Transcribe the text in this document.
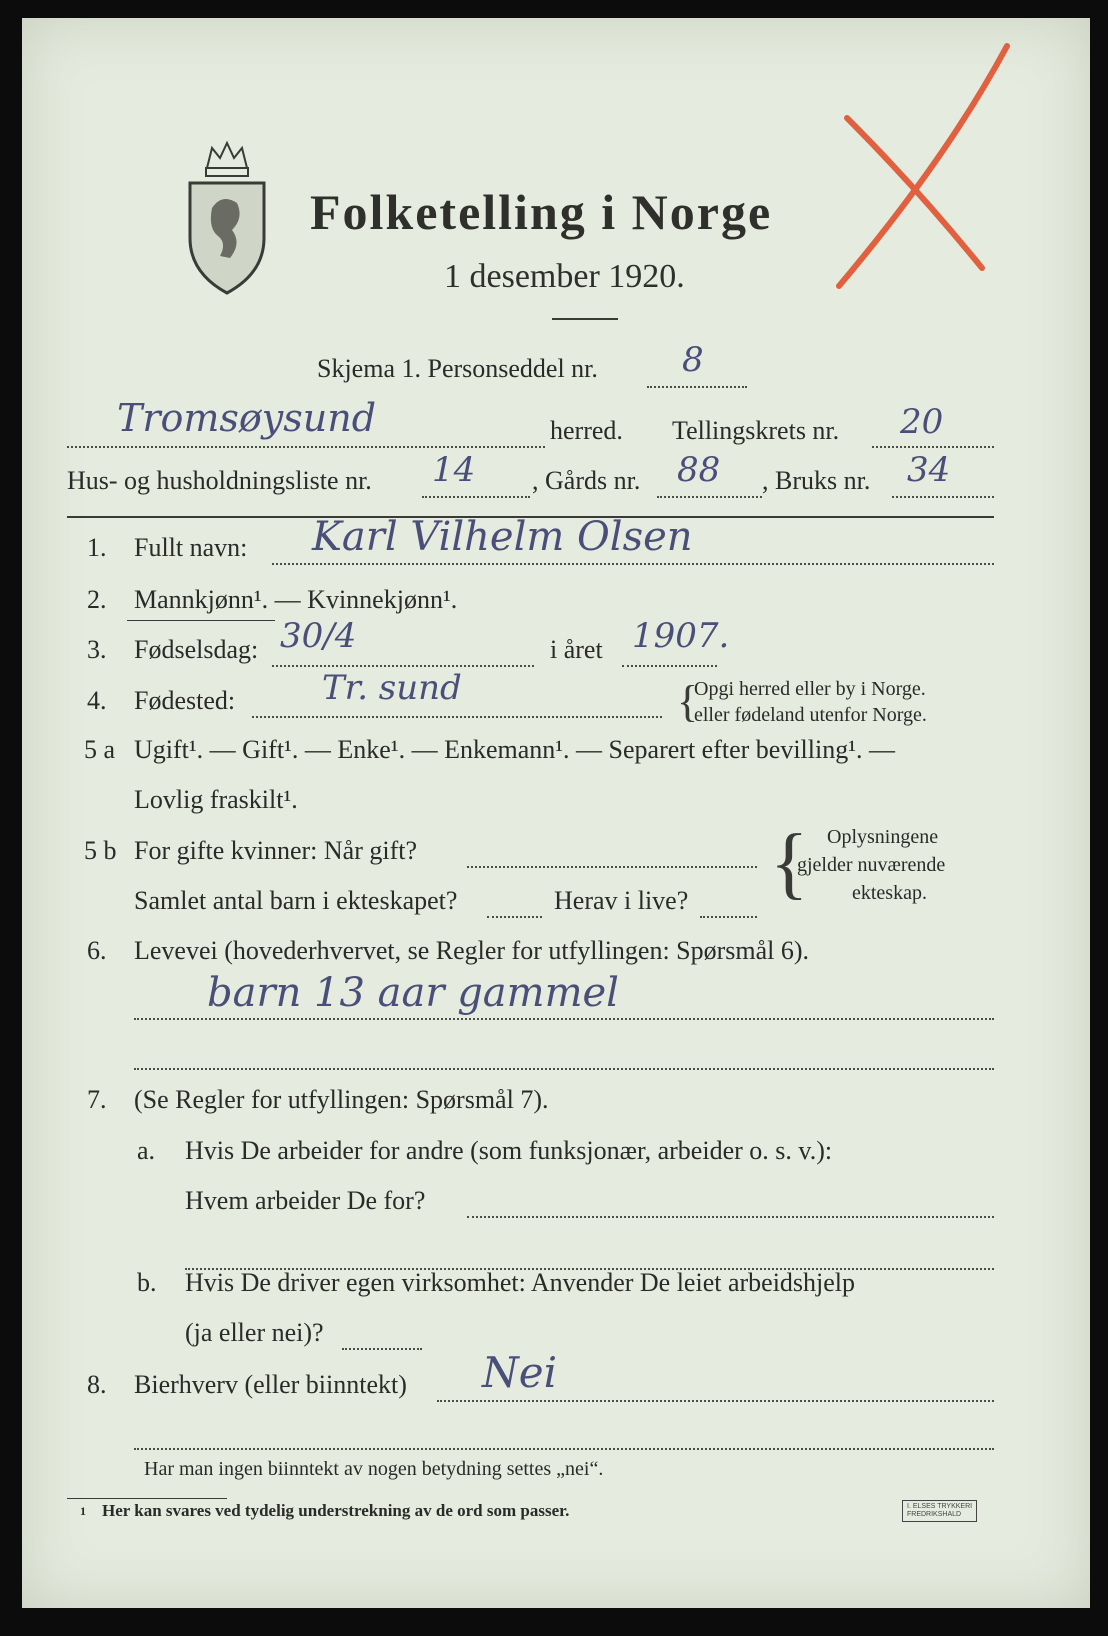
Folketelling i Norge
1 desember 1920.
Skjema 1. Personseddel nr. 8
Tromsøysund	herred. Tellingskrets nr. 20
Hus- og husholdningsliste nr. 14 , Gårds nr. 88 , Bruks nr. 34
1. Fullt navn: Karl Vilhelm Olsen
2. Mannkjønn¹. — Kvinnekjønn¹.
3. Fødselsdag: 30/4	i året 1907.
4. Fødested:	Tr. sund	{
Opgi herred eller by i Norge.
eller fødeland utenfor Norge.
5 a Ugift¹. — Gift¹. — Enke¹. — Enkemann¹. — Separert efter bevilling¹. —
Lovlig fraskilt¹.
5 b For gifte kvinner: Når gift?
Samlet antal barn i ekteskapet?	Herav i live? { Oplysningene
gjelder nuværende
ekteskap.
6. Levevei (hovederhvervet, se Regler for utfyllingen: Spørsmål 6).
barn 13 aar gammel
7. (Se Regler for utfyllingen: Spørsmål 7).
a. Hvis De arbeider for andre (som funksjonær, arbeider o. s. v.):
Hvem arbeider De for?
b. Hvis De driver egen virksomhet: Anvender De leiet arbeidshjelp
(ja eller nei)?
8. Bierhverv (eller biinntekt) Nei
Har man ingen biinntekt av nogen betydning settes „nei“.
1 Her kan svares ved tydelig understrekning av de ord som passer.	I. ELSES TRYKKERI
FREDRIKSHALD
